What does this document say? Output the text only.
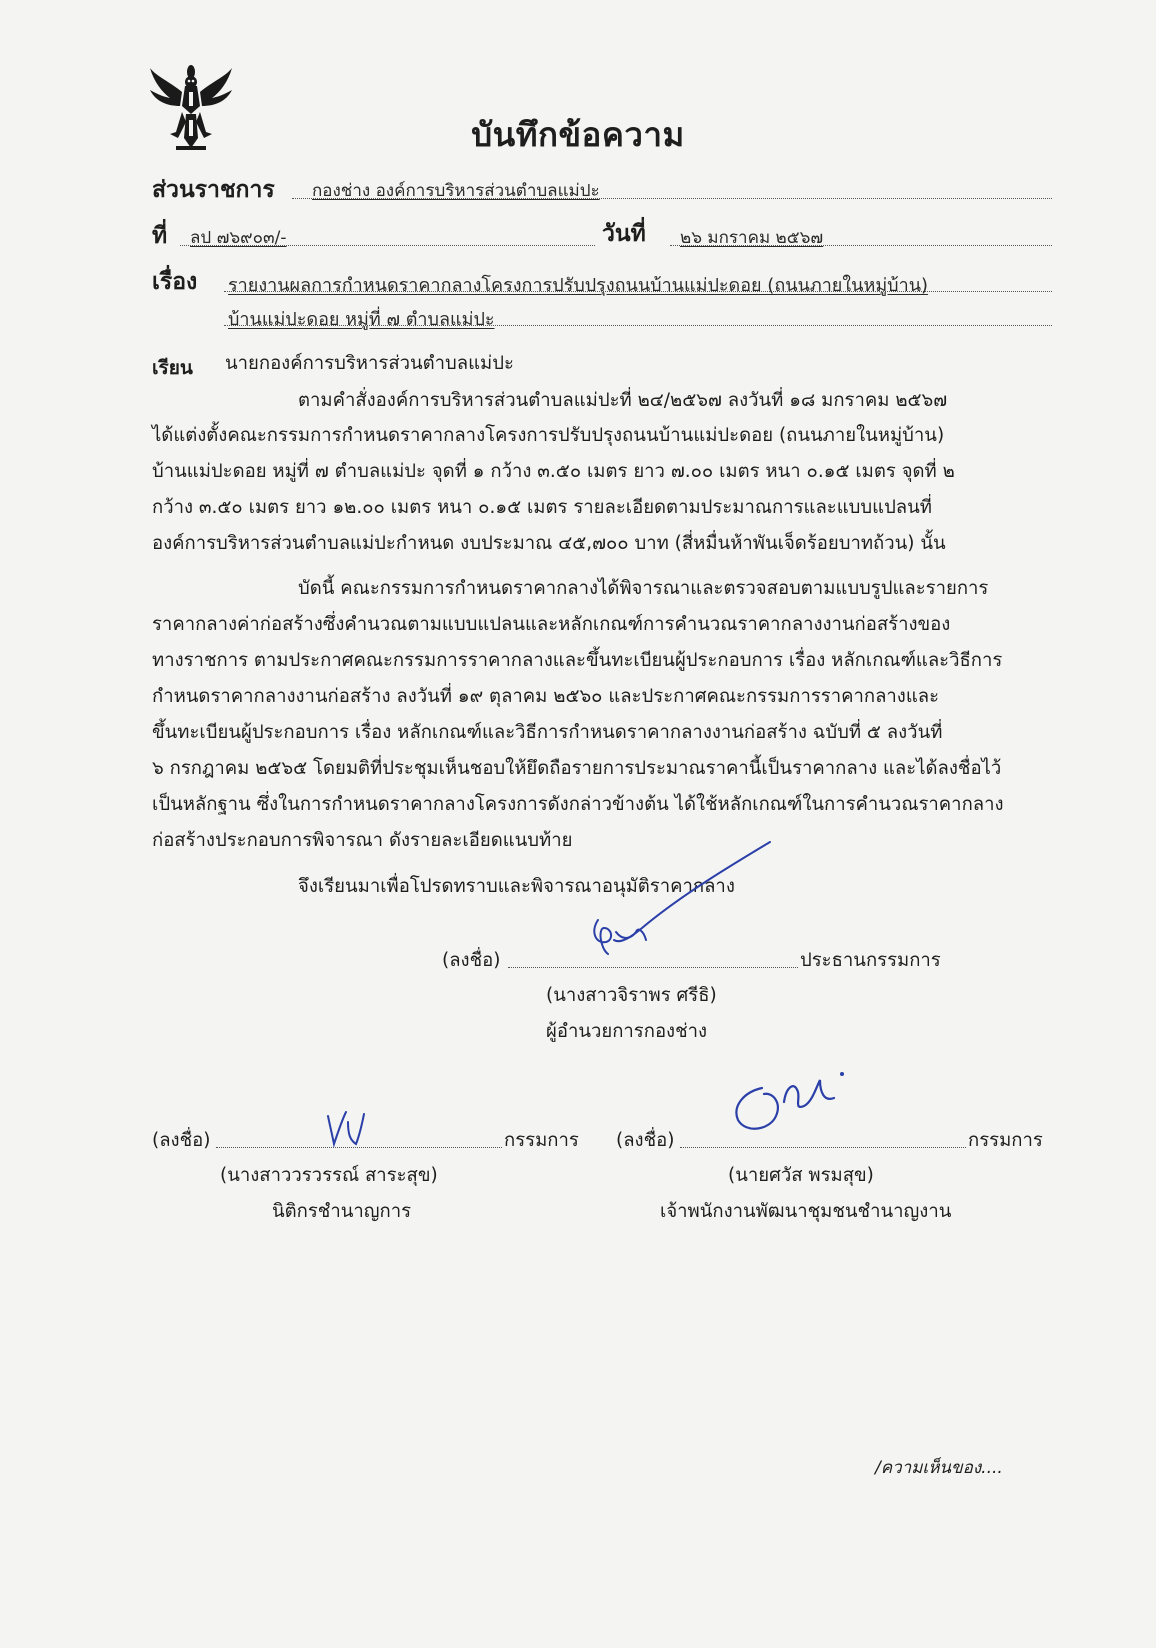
บันทึกข้อความ
ส่วนราชการ กองช่าง องค์การบริหารส่วนตำบลแม่ปะ
ที่ ลป ๗๖๙๐๓/-	วันที่ ๒๖ มกราคม ๒๕๖๗
เรื่อง รายงานผลการกำหนดราคากลางโครงการปรับปรุงถนนบ้านแม่ปะดอย (ถนนภายในหมู่บ้าน)
บ้านแม่ปะดอย หมู่ที่ ๗ ตำบลแม่ปะ
เรียน นายกองค์การบริหารส่วนตำบลแม่ปะ
ตามคำสั่งองค์การบริหารส่วนตำบลแม่ปะที่ ๒๔/๒๕๖๗ ลงวันที่ ๑๘ มกราคม ๒๕๖๗
ได้แต่งตั้งคณะกรรมการกำหนดราคากลางโครงการปรับปรุงถนนบ้านแม่ปะดอย (ถนนภายในหมู่บ้าน)
บ้านแม่ปะดอย หมู่ที่ ๗ ตำบลแม่ปะ จุดที่ ๑ กว้าง ๓.๕๐ เมตร ยาว ๗.๐๐ เมตร หนา ๐.๑๕ เมตร จุดที่ ๒
กว้าง ๓.๕๐ เมตร ยาว ๑๒.๐๐ เมตร หนา ๐.๑๕ เมตร รายละเอียดตามประมาณการและแบบแปลนที่
องค์การบริหารส่วนตำบลแม่ปะกำหนด งบประมาณ ๔๕,๗๐๐ บาท (สี่หมื่นห้าพันเจ็ดร้อยบาทถ้วน) นั้น
บัดนี้ คณะกรรมการกำหนดราคากลางได้พิจารณาและตรวจสอบตามแบบรูปและรายการ
ราคากลางค่าก่อสร้างซึ่งคำนวณตามแบบแปลนและหลักเกณฑ์การคำนวณราคากลางงานก่อสร้างของ
ทางราชการ ตามประกาศคณะกรรมการราคากลางและขึ้นทะเบียนผู้ประกอบการ เรื่อง หลักเกณฑ์และวิธีการ
กำหนดราคากลางงานก่อสร้าง ลงวันที่ ๑๙ ตุลาคม ๒๕๖๐ และประกาศคณะกรรมการราคากลางและ
ขึ้นทะเบียนผู้ประกอบการ เรื่อง หลักเกณฑ์และวิธีการกำหนดราคากลางงานก่อสร้าง ฉบับที่ ๕ ลงวันที่
๖ กรกฎาคม ๒๕๖๕ โดยมติที่ประชุมเห็นชอบให้ยึดถือรายการประมาณราคานี้เป็นราคากลาง และได้ลงชื่อไว้
เป็นหลักฐาน ซึ่งในการกำหนดราคากลางโครงการดังกล่าวข้างต้น ได้ใช้หลักเกณฑ์ในการคำนวณราคากลาง
ก่อสร้างประกอบการพิจารณา ดังรายละเอียดแนบท้าย
จึงเรียนมาเพื่อโปรดทราบและพิจารณาอนุมัติราคากลาง
(ลงชื่อ)	ประธานกรรมการ
(นางสาวจิราพร ศรีธิ)
ผู้อำนวยการกองช่าง
(ลงชื่อ)	กรรมการ
(นางสาววรวรรณ์ สาระสุข)
นิติกรชำนาญการ
(ลงชื่อ)	กรรมการ
(นายศวัส พรมสุข)
เจ้าพนักงานพัฒนาชุมชนชำนาญงาน
/ความเห็นของ....
